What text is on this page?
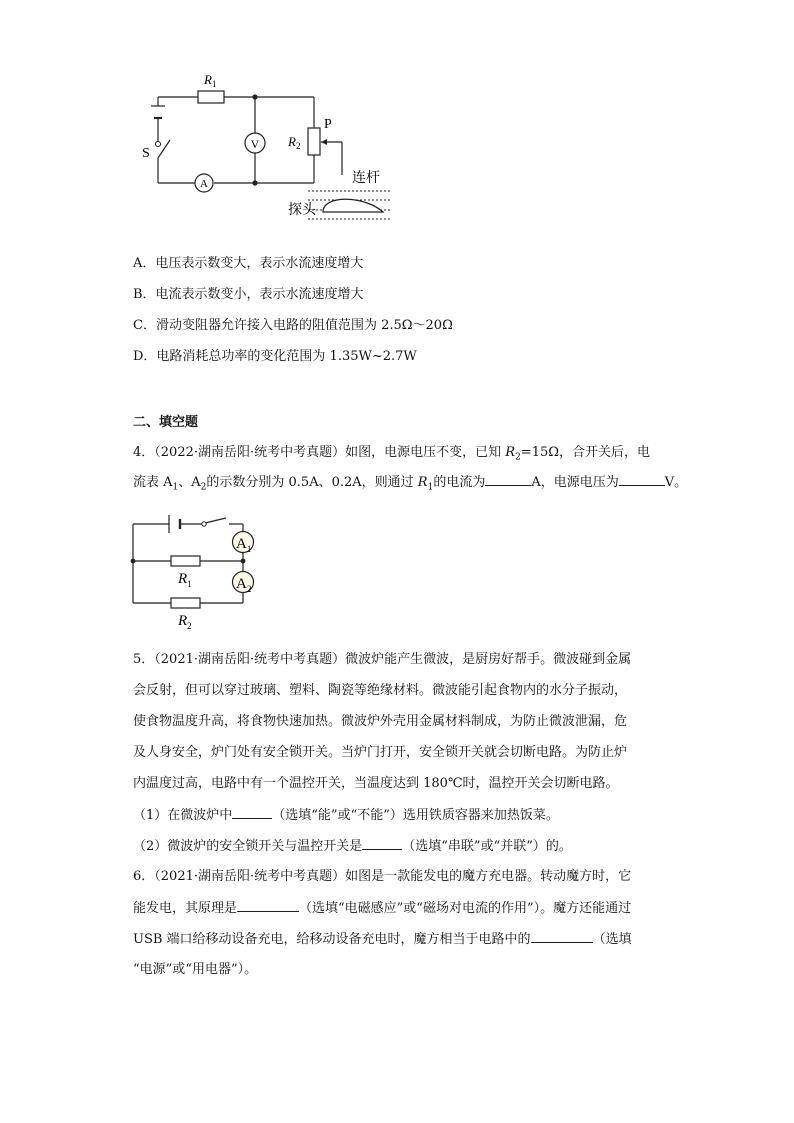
$R_1$
$R_2$
P
S
V
A	连杆
探头
A．电压表示数变大，表示水流速度增大
B．电流表示数变小，表示水流速度增大
C．滑动变阻器允许接入电路的阻值范围为 2.5Ω～20Ω
D．电路消耗总功率的变化范围为 1.35W~2.7W
二、填空题
4．（2022·湖南岳阳·统考中考真题）如图，电源电压不变，已知 $R_2=15\Omega$，合开关后，电
流表 $A_1$、$A_2$的示数分别为 0.5A、0.2A，则通过 $R_1$的电流为	A，电源电压为	V。
$A_1$
$A_2$
$R_1$
$R_2$
5．（2021·湖南岳阳·统考中考真题）微波炉能产生微波，是厨房好帮手。微波碰到金属
会反射，但可以穿过玻璃、塑料、陶瓷等绝缘材料。微波能引起食物内的水分子振动，
使食物温度升高，将食物快速加热。微波炉外壳用金属材料制成，为防止微波泄漏，危
及人身安全，炉门处有安全锁开关。当炉门打开，安全锁开关就会切断电路。为防止炉
内温度过高，电路中有一个温控开关，当温度达到 180℃时，温控开关会切断电路。
（1）在微波炉中	（选填“能”或“不能”）选用铁质容器来加热饭菜。
（2）微波炉的安全锁开关与温控开关是	（选填“串联”或“并联”）的。
6．（2021·湖南岳阳·统考中考真题）如图是一款能发电的魔方充电器。转动魔方时，它
能发电，其原理是	（选填“电磁感应”或“磁场对电流的作用”）。魔方还能通过
USB 端口给移动设备充电，给移动设备充电时，魔方相当于电路中的	（选填
“电源”或“用电器”）。
